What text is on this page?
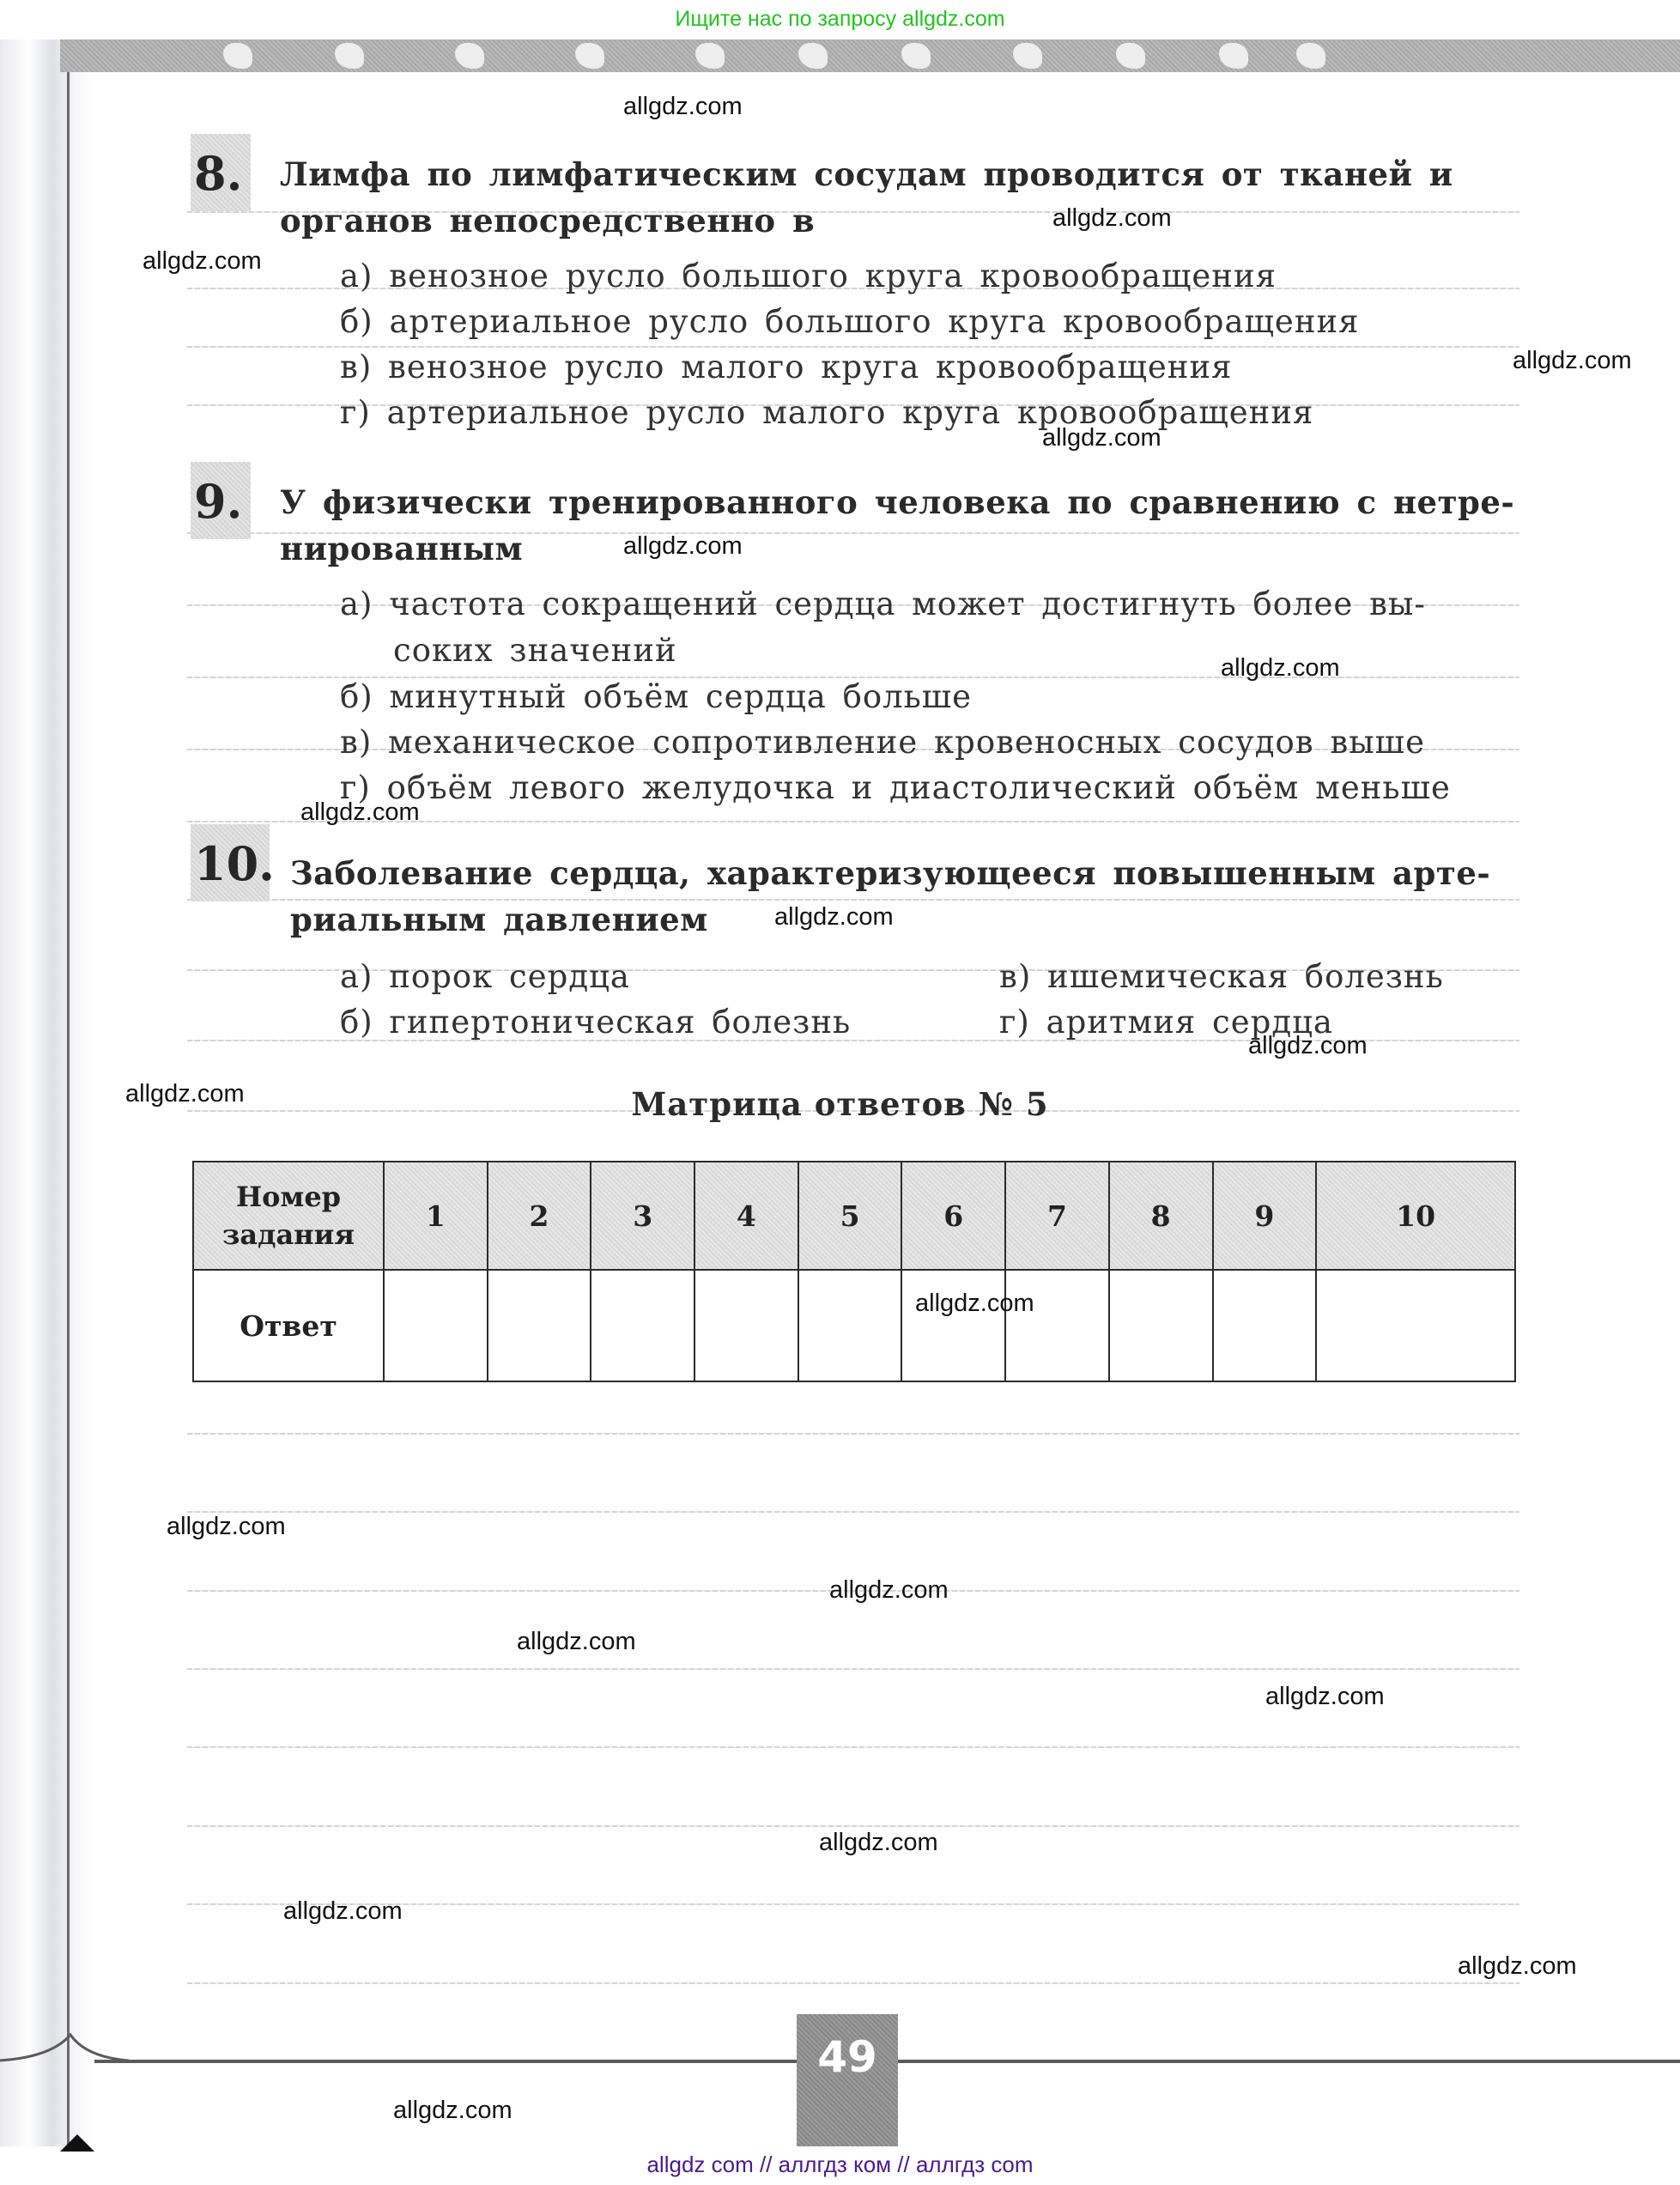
Ищите нас по запросу allgdz.com
8. Лимфа по лимфатическим сосудам проводится от тканей и
органов непосредственно в
а) венозное русло большого круга кровообращения
б) артериальное русло большого круга кровообращения
в) венозное русло малого круга кровообращения
г) артериальное русло малого круга кровообращения
9. У физически тренированного человека по сравнению с нетре-
нированным
а) частота сокращений сердца может достигнуть более вы-
соких значений
б) минутный объём сердца больше
в) механическое сопротивление кровеносных сосудов выше
г) объём левого желудочка и диастолический объём меньше
10. Заболевание сердца, характеризующееся повышенным арте-
риальным давлением
а) порок сердца
б) гипертоническая болезнь
в) ишемическая болезнь
г) аритмия сердца
Матрица ответов № 5
Номер
задания	1	2	3	4	5	6	7	8	9	10
Ответ										
49
allgdz.com
allgdz.com
allgdz.com
allgdz.com
allgdz.com
allgdz.com
allgdz.com
allgdz.com
allgdz.com
allgdz.com
allgdz.com
allgdz.com
allgdz.com
allgdz.com
allgdz.com
allgdz.com
allgdz.com
allgdz.com
allgdz.com
allgdz.com
allgdz com // аллгдз ком // аллгдз com
